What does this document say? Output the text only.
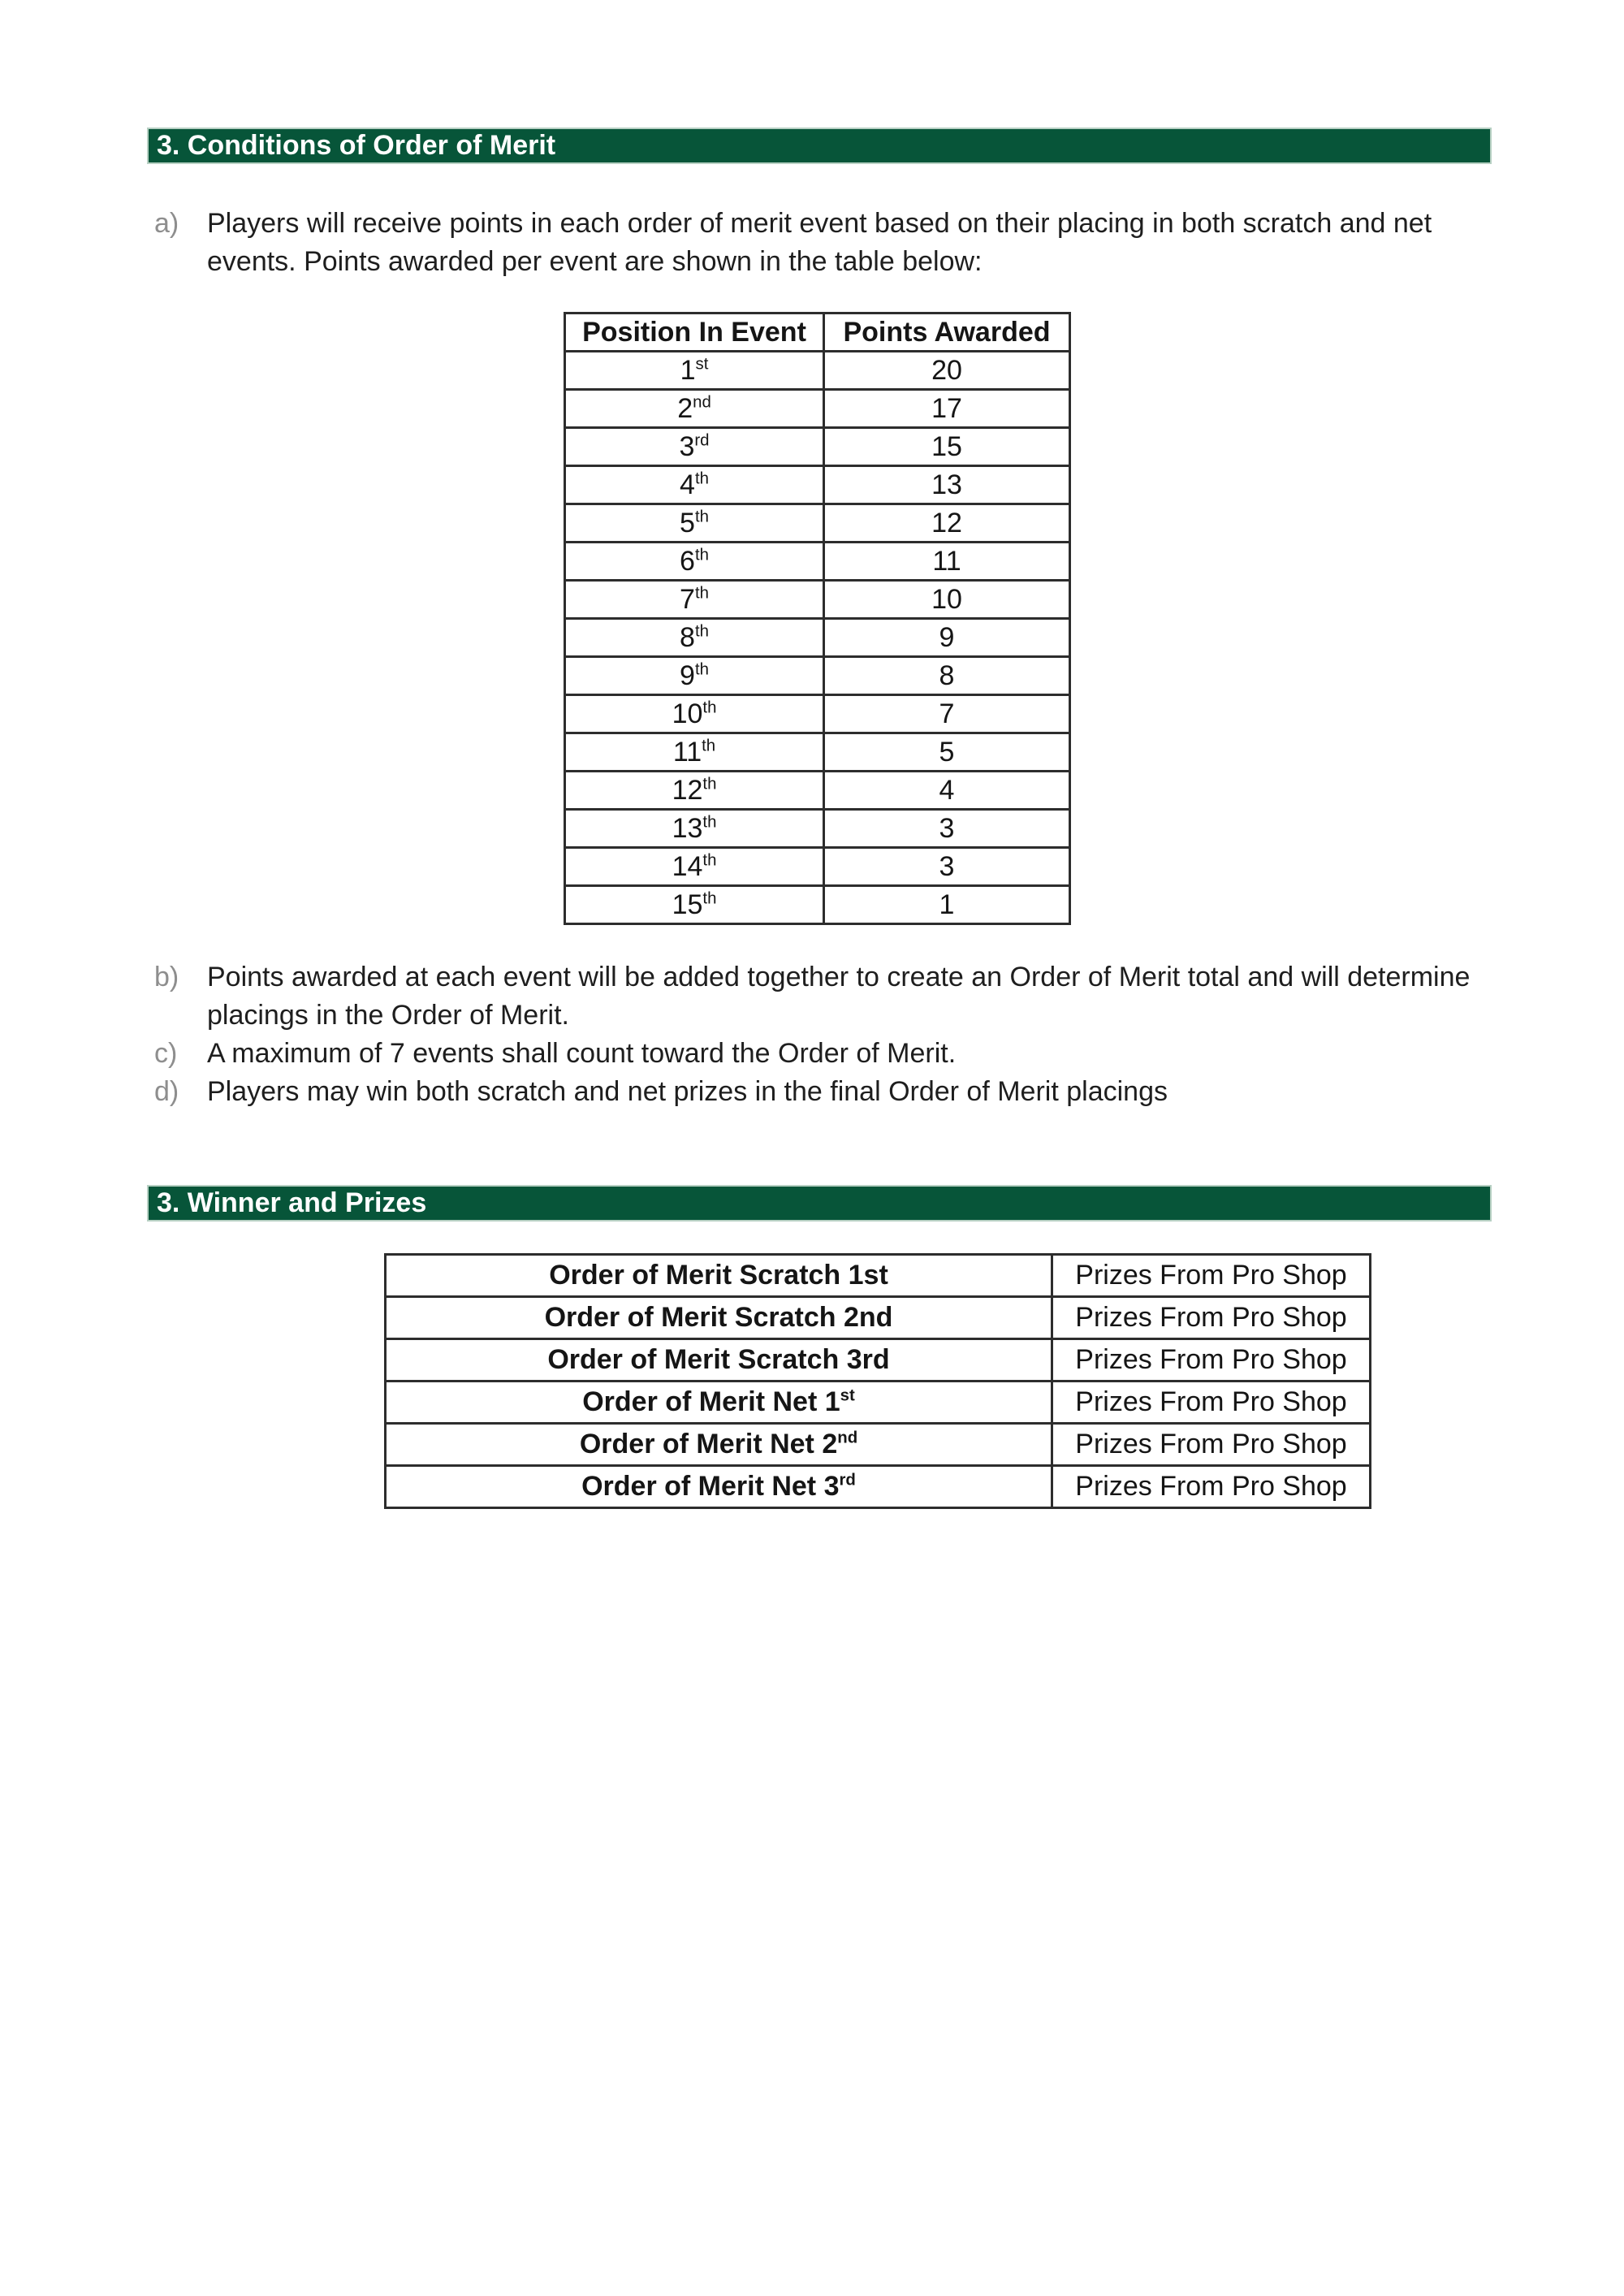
3. Conditions of Order of Merit
a)	Players will receive points in each order of merit event based on their placing in both scratch and net events. Points awarded per event are shown in the table below:
Position In Event	Points Awarded
1st	20
2nd	17
3rd	15
4th	13
5th	12
6th	11
7th	10
8th	9
9th	8
10th	7
11th	5
12th	4
13th	3
14th	3
15th	1
b)	Points awarded at each event will be added together to create an Order of Merit total and will determine placings in the Order of Merit.
c)	A maximum of 7 events shall count toward the Order of Merit.
d)	Players may win both scratch and net prizes in the final Order of Merit placings
3. Winner and Prizes
Order of Merit Scratch 1st	Prizes From Pro Shop
Order of Merit Scratch 2nd	Prizes From Pro Shop
Order of Merit Scratch 3rd	Prizes From Pro Shop
Order of Merit Net 1st	Prizes From Pro Shop
Order of Merit Net 2nd	Prizes From Pro Shop
Order of Merit Net 3rd	Prizes From Pro Shop
